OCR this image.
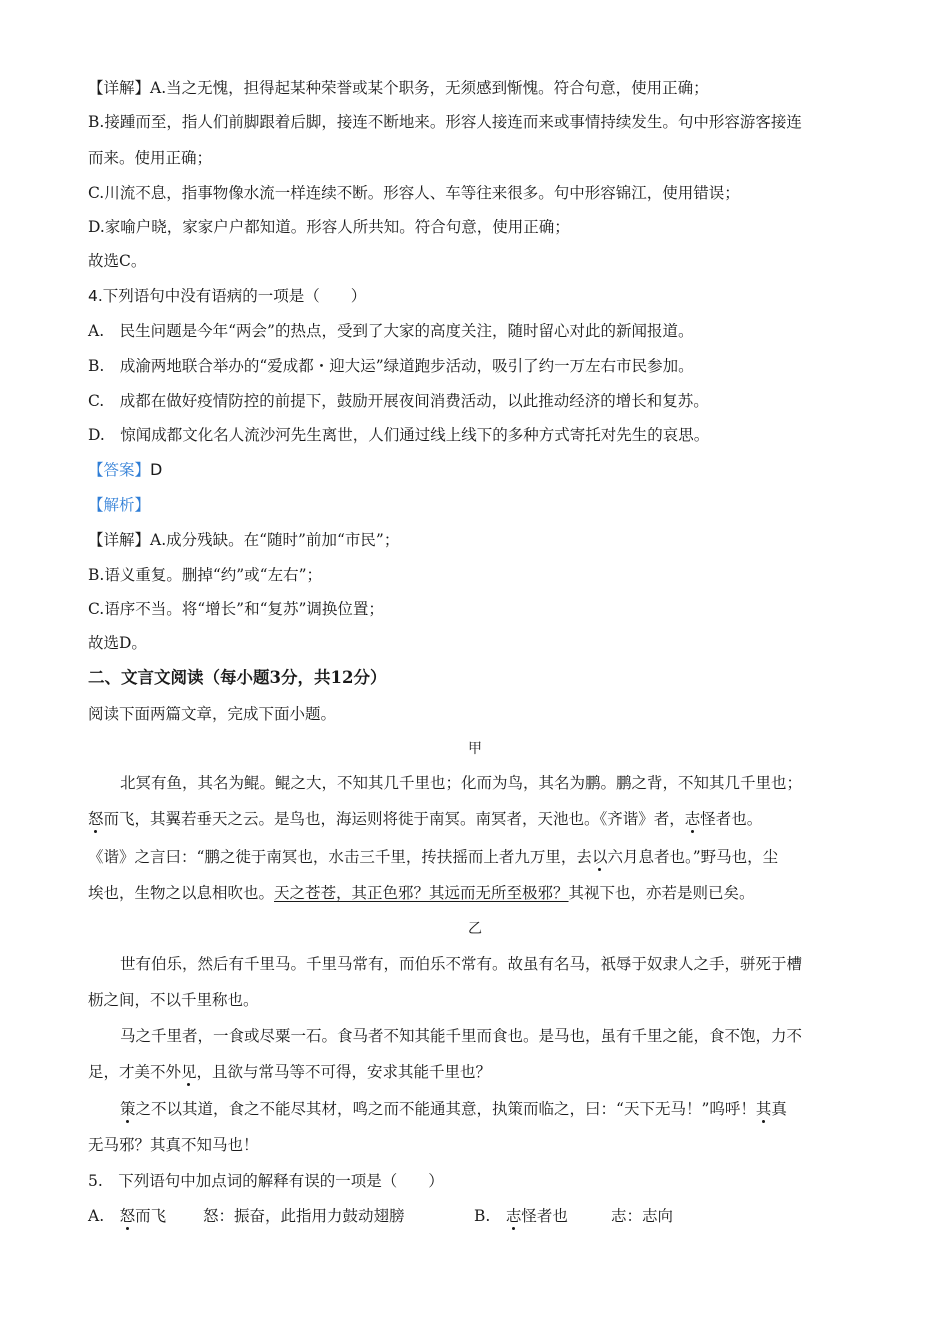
【详解】A.当之无愧，担得起某种荣誉或某个职务，无须感到惭愧。符合句意，使用正确；
B.接踵而至，指人们前脚跟着后脚，接连不断地来。形容人接连而来或事情持续发生。句中形容游客接连
而来。使用正确；
C.川流不息，指事物像水流一样连续不断。形容人、车等往来很多。句中形容锦江，使用错误；
D.家喻户晓，家家户户都知道。形容人所共知。符合句意，使用正确；
故选C。
4.下列语句中没有语病的一项是（　　）
A.　民生问题是今年“两会”的热点，受到了大家的高度关注，随时留心对此的新闻报道。
B.　成渝两地联合举办的“爱成都・迎大运”绿道跑步活动，吸引了约一万左右市民参加。
C.　成都在做好疫情防控的前提下，鼓励开展夜间消费活动，以此推动经济的增长和复苏。
D.　惊闻成都文化名人流沙河先生离世，人们通过线上线下的多种方式寄托对先生的哀思。
【答案】D
【解析】
【详解】A.成分残缺。在“随时”前加“市民”；
B.语义重复。删掉“约”或“左右”；
C.语序不当。将“增长”和“复苏”调换位置；
故选D。
二、文言文阅读（每小题3分，共12分）
阅读下面两篇文章，完成下面小题。
甲
北冥有鱼，其名为鲲。鲲之大，不知其几千里也；化而为鸟，其名为鹏。鹏之背，不知其几千里也；
怒而飞，其翼若垂天之云。是鸟也，海运则将徙于南冥。南冥者，天池也。《齐谐》者，志怪者也。
《谐》之言曰：“鹏之徙于南冥也，水击三千里，抟扶摇而上者九万里，去以六月息者也。”野马也，尘
埃也，生物之以息相吹也。天之苍苍，其正色邪？其远而无所至极邪？其视下也，亦若是则已矣。
乙
世有伯乐，然后有千里马。千里马常有，而伯乐不常有。故虽有名马，祇辱于奴隶人之手，骈死于槽
枥之间，不以千里称也。
马之千里者，一食或尽粟一石。食马者不知其能千里而食也。是马也，虽有千里之能，食不饱，力不
足，才美不外见，且欲与常马等不可得，安求其能千里也？
策之不以其道，食之不能尽其材，鸣之而不能通其意，执策而临之，曰：“天下无马！”呜呼！其真
无马邪？其真不知马也！
5.　下列语句中加点词的解释有误的一项是（　　）
A.　怒而飞 怒：振奋，此指用力鼓动翅膀	B.　志怪者也	志：志向
